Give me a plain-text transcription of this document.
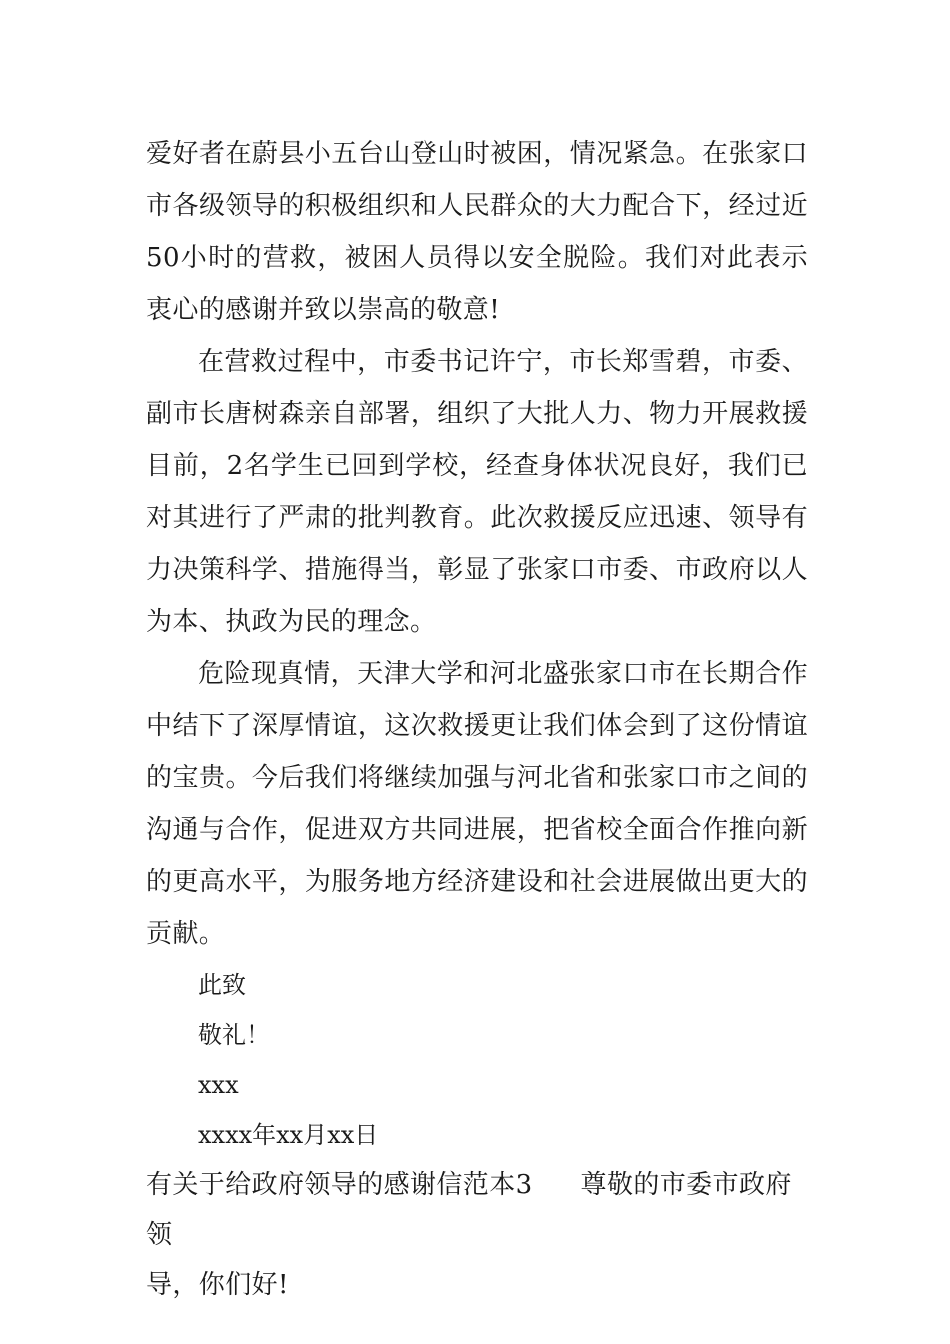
爱好者在蔚县小五台山登山时被困，情况紧急。在张家口市各级领导的积极组织和人民群众的大力配合下，经过近50小时的营救，被困人员得以安全脱险。我们对此表示衷心的感谢并致以崇高的敬意!

在营救过程中，市委书记许宁，市长郑雪碧，市委、副市长唐树森亲自部署，组织了大批人力、物力开展救援目前，2名学生已回到学校，经查身体状况良好，我们已对其进行了严肃的批判教育。此次救援反应迅速、领导有力决策科学、措施得当，彰显了张家口市委、市政府以人为本、执政为民的理念。

危险现真情，天津大学和河北盛张家口市在长期合作中结下了深厚情谊，这次救援更让我们体会到了这份情谊的宝贵。今后我们将继续加强与河北省和张家口市之间的沟通与合作，促进双方共同进展，把省校全面合作推向新的更高水平，为服务地方经济建设和社会进展做出更大的贡献。

此致

敬礼！

xxx

xxxx年xx月xx日

有关于给政府领导的感谢信范本3 尊敬的市委市政府领

导，你们好!
